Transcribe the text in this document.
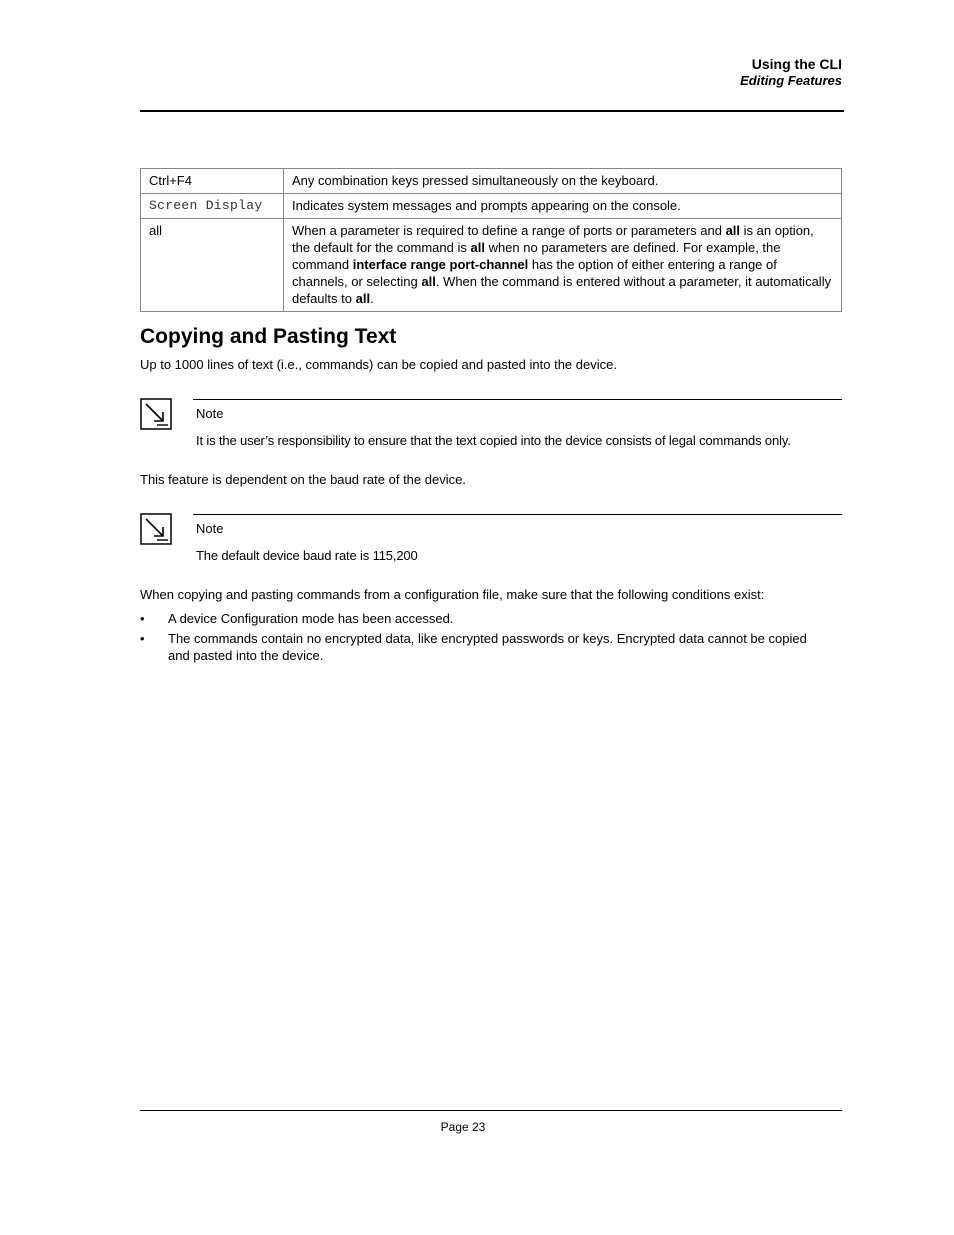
Using the CLI
Editing Features
Ctrl+F4	Any combination keys pressed simultaneously on the keyboard.
Screen Display	Indicates system messages and prompts appearing on the console.
all	When a parameter is required to define a range of ports or parameters and all is an option, the default for the command is all when no parameters are defined. For example, the command interface range port-channel has the option of either entering a range of channels, or selecting all. When the command is entered without a parameter, it automatically defaults to all.
Copying and Pasting Text

Up to 1000 lines of text (i.e., commands) can be copied and pasted into the device.

Note
It is the user’s responsibility to ensure that the text copied into the device consists of legal commands only.

This feature is dependent on the baud rate of the device.

Note
The default device baud rate is 115,200

When copying and pasting commands from a configuration file, make sure that the following conditions exist:

• A device Configuration mode has been accessed.
• The commands contain no encrypted data, like encrypted passwords or keys. Encrypted data cannot be copied and pasted into the device.
Page 23
